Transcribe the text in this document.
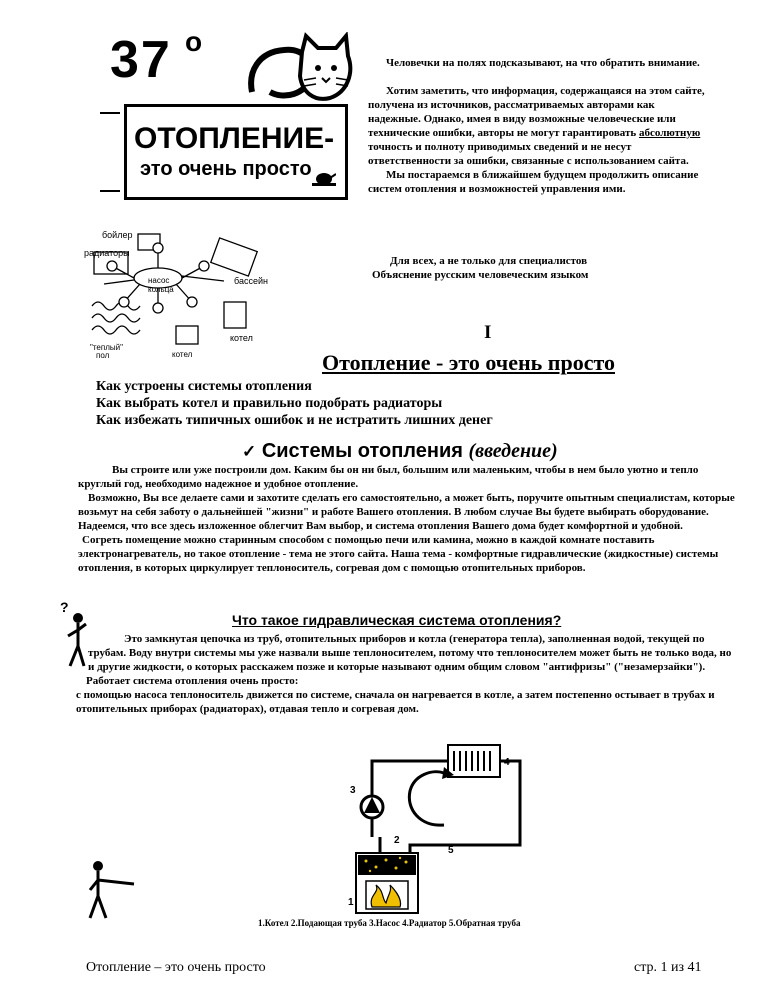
37 o
ОТОПЛЕНИЕ-
это очень просто

Человечки на полях подсказывают, на что обратить внимание.

Хотим заметить, что информация, содержащаяся на этом сайте, получена из источников, рассматриваемых авторами как надежные. Однако, имея в виду возможные человеческие или технические ошибки, авторы не могут гарантировать абсолютную точность и полноту приводимых сведений и не несут ответственности за ошибки, связанные с использованием сайта.

Мы постараемся в ближайшем будущем продолжить описание систем отопления и возможностей управления ими.

Для всех, а не только для специалистов

Объяснение русским человеческим языком

бойлер
радиаторы
насос
кольца
бассейн
котел
"теплый"
пол	котел
I
Отопление - это очень просто
Как устроены системы отопления
Как выбрать котел и правильно подобрать радиаторы
Как избежать типичных ошибок и не истратить лишних денег
✓ Системы отопления (введение)

Вы строите или уже построили дом. Каким бы он ни был, большим или маленьким, чтобы в нем было уютно и тепло круглый год, необходимо надежное и удобное отопление.

Возможно, Вы все делаете сами и захотите сделать его самостоятельно, а может быть, поручите опытным специалистам, которые возьмут на себя заботу о дальнейшей "жизни" и работе Вашего отопления. В любом случае Вы будете выбирать оборудование. Надеемся, что все здесь изложенное облегчит Вам выбор, и система отопления Вашего дома будет комфортной и удобной.

Согреть помещение можно старинным способом с помощью печи или камина, можно в каждой комнате поставить электронагреватель, но такое отопление - тема не этого сайта. Наша тема - комфортные гидравлические (жидкостные) системы отопления, в которых циркулирует теплоноситель, согревая дом с помощью отопительных приборов.

?
Что такое гидравлическая система отопления?

Это замкнутая цепочка из труб, отопительных приборов и котла (генератора тепла), заполненная водой, текущей по трубам. Воду внутри системы мы уже назвали выше теплоносителем, потому что теплоносителем может быть не только вода, но и другие жидкости, о которых расскажем позже и которые называют одним общим словом "антифризы" ("незамерзайки").

Работает система отопления очень просто:

с помощью насоса теплоноситель движется по системе, сначала он нагревается в котле, а затем постепенно остывает в трубах и отопительных приборах (радиаторах), отдавая тепло и согревая дом.

3
4
2
5
1
1.Котел 2.Подающая труба 3.Насос 4.Радиатор 5.Обратная труба
Отопление – это очень просто	стр. 1 из 41
